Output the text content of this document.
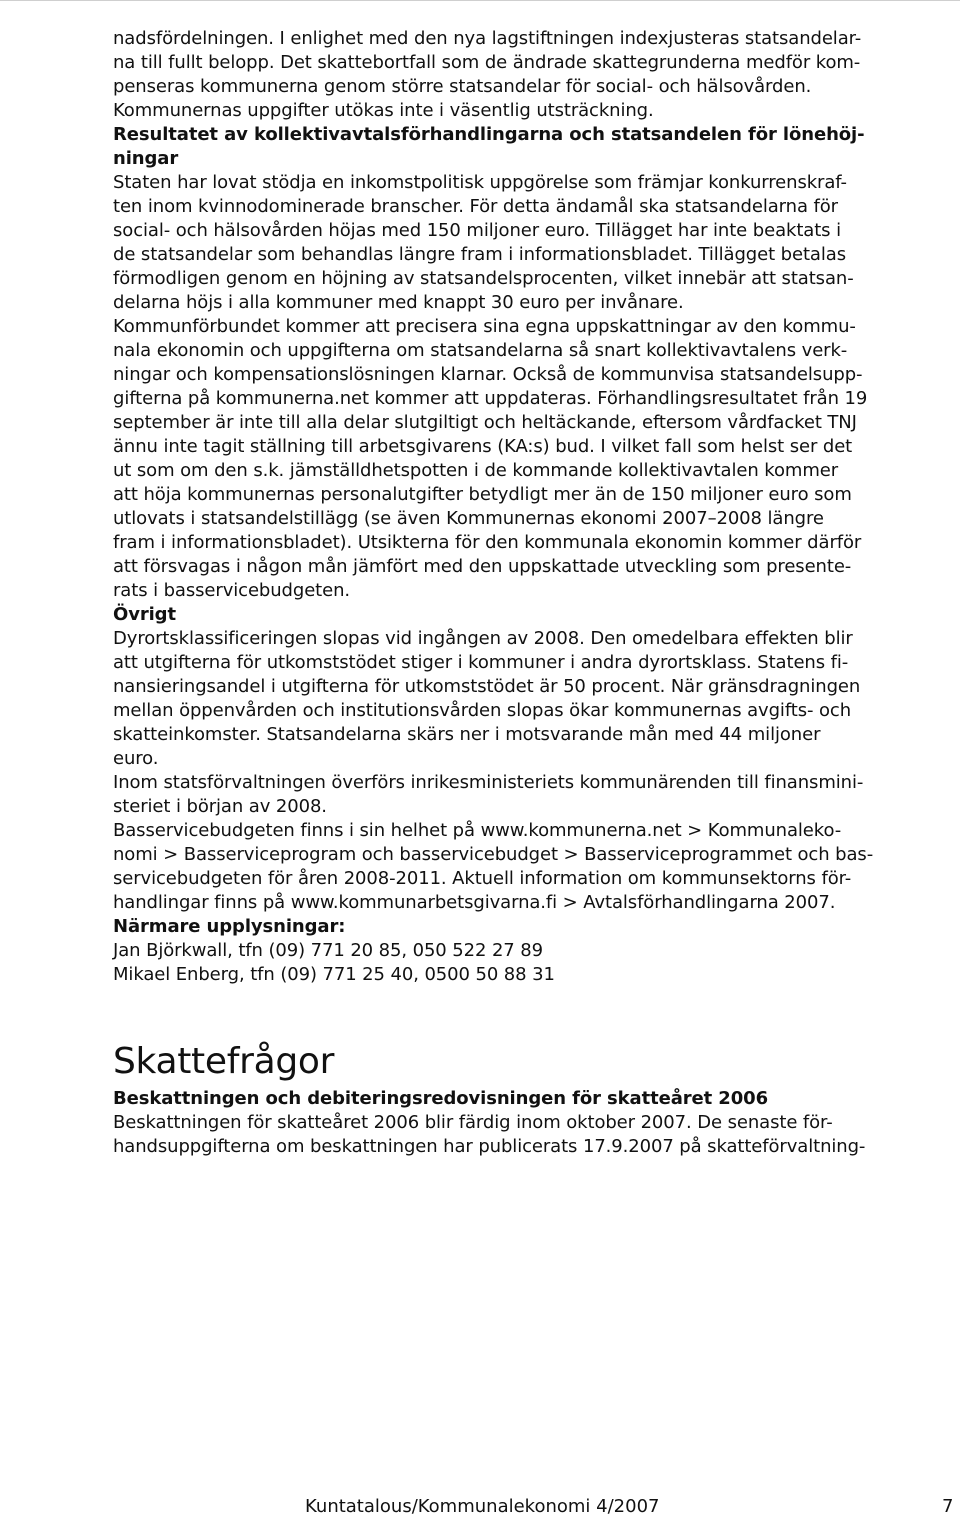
nadsfördelningen. I enlighet med den nya lagstiftningen indexjusteras statsandelar-
na till fullt belopp. Det skattebortfall som de ändrade skattegrunderna medför kom-
penseras kommunerna genom större statsandelar för social- och hälsovården.
Kommunernas uppgifter utökas inte i väsentlig utsträckning.

Resultatet av kollektivavtalsförhandlingarna och statsandelen för lönehöj-
ningar

Staten har lovat stödja en inkomstpolitisk uppgörelse som främjar konkurrenskraf-
ten inom kvinnodominerade branscher. För detta ändamål ska statsandelarna för
social- och hälsovården höjas med 150 miljoner euro. Tillägget har inte beaktats i
de statsandelar som behandlas längre fram i informationsbladet. Tillägget betalas
förmodligen genom en höjning av statsandelsprocenten, vilket innebär att statsan-
delarna höjs i alla kommuner med knappt 30 euro per invånare.

Kommunförbundet kommer att precisera sina egna uppskattningar av den kommu-
nala ekonomin och uppgifterna om statsandelarna så snart kollektivavtalens verk-
ningar och kompensationslösningen klarnar. Också de kommunvisa statsandelsupp-
gifterna på kommunerna.net kommer att uppdateras. Förhandlingsresultatet från 19
september är inte till alla delar slutgiltigt och heltäckande, eftersom vårdfacket TNJ
ännu inte tagit ställning till arbetsgivarens (KA:s) bud. I vilket fall som helst ser det
ut som om den s.k. jämställdhetspotten i de kommande kollektivavtalen kommer
att höja kommunernas personalutgifter betydligt mer än de 150 miljoner euro som
utlovats i statsandelstillägg (se även Kommunernas ekonomi 2007–2008 längre
fram i informationsbladet). Utsikterna för den kommunala ekonomin kommer därför
att försvagas i någon mån jämfört med den uppskattade utveckling som presente-
rats i basservicebudgeten.

Övrigt

Dyrortsklassificeringen slopas vid ingången av 2008. Den omedelbara effekten blir
att utgifterna för utkomststödet stiger i kommuner i andra dyrortsklass. Statens fi-
nansieringsandel i utgifterna för utkomststödet är 50 procent. När gränsdragningen
mellan öppenvården och institutionsvården slopas ökar kommunernas avgifts- och
skatteinkomster. Statsandelarna skärs ner i motsvarande mån med 44 miljoner
euro.

Inom statsförvaltningen överförs inrikesministeriets kommunärenden till finansmini-
steriet i början av 2008.

Basservicebudgeten finns i sin helhet på www.kommunerna.net > Kommunaleko-
nomi > Basserviceprogram och basservicebudget > Basserviceprogrammet och bas-
servicebudgeten för åren 2008-2011. Aktuell information om kommunsektorns för-
handlingar finns på www.kommunarbetsgivarna.fi > Avtalsförhandlingarna 2007.

Närmare upplysningar:
Jan Björkwall, tfn (09) 771 20 85, 050 522 27 89
Mikael Enberg, tfn (09) 771 25 40, 0500 50 88 31
Skattefrågor
Beskattningen och debiteringsredovisningen för skatteåret 2006

Beskattningen för skatteåret 2006 blir färdig inom oktober 2007. De senaste för-
handsuppgifterna om beskattningen har publicerats 17.9.2007 på skatteförvaltning-

Kuntatalous/Kommunalekonomi 4/2007	7
